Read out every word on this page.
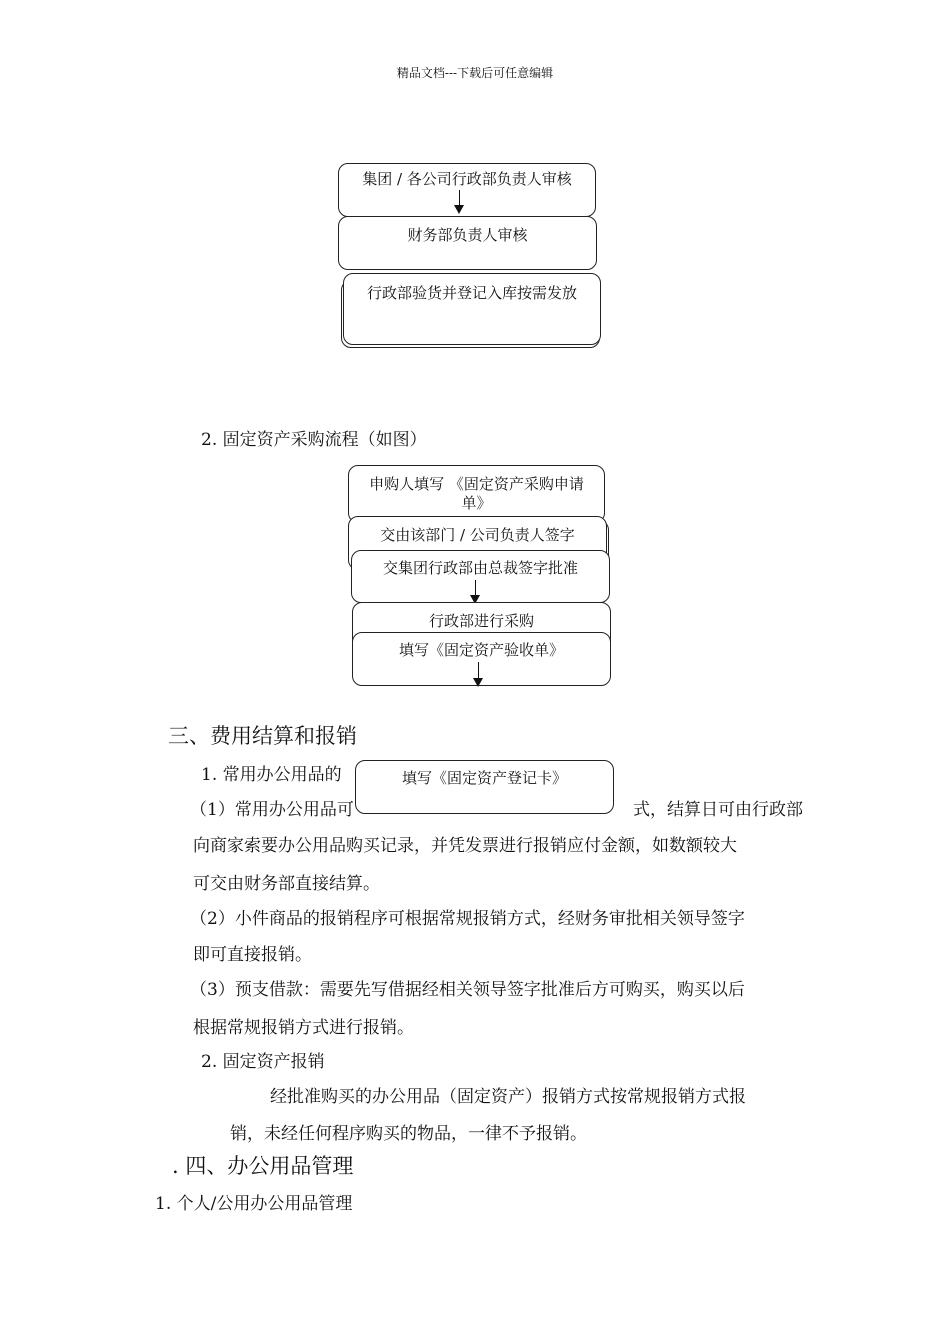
精品文档---下载后可任意编辑
集团 / 各公司行政部负责人审核
财务部负责人审核
行政部验货并登记入库按需发放
2. 固定资产采购流程（如图）
申购人填写 《固定资产采购申请单》
交由该部门 / 公司负责人签字
交集团行政部由总裁签字批准
行政部进行采购
填写《固定资产验收单》
三、费用结算和报销
1. 常用办公用品的
（1）常用办公用品可	式，结算日可由行政部
填写《固定资产登记卡》
向商家索要办公用品购买记录，并凭发票进行报销应付金额，如数额较大
可交由财务部直接结算。
（2）小件商品的报销程序可根据常规报销方式，经财务审批相关领导签字
即可直接报销。
（3）预支借款：需要先写借据经相关领导签字批准后方可购买，购买以后
根据常规报销方式进行报销。
2. 固定资产报销
经批准购买的办公用品（固定资产）报销方式按常规报销方式报
销，未经任何程序购买的物品，一律不予报销。
. 四、办公用品管理
1. 个人/公用办公用品管理
